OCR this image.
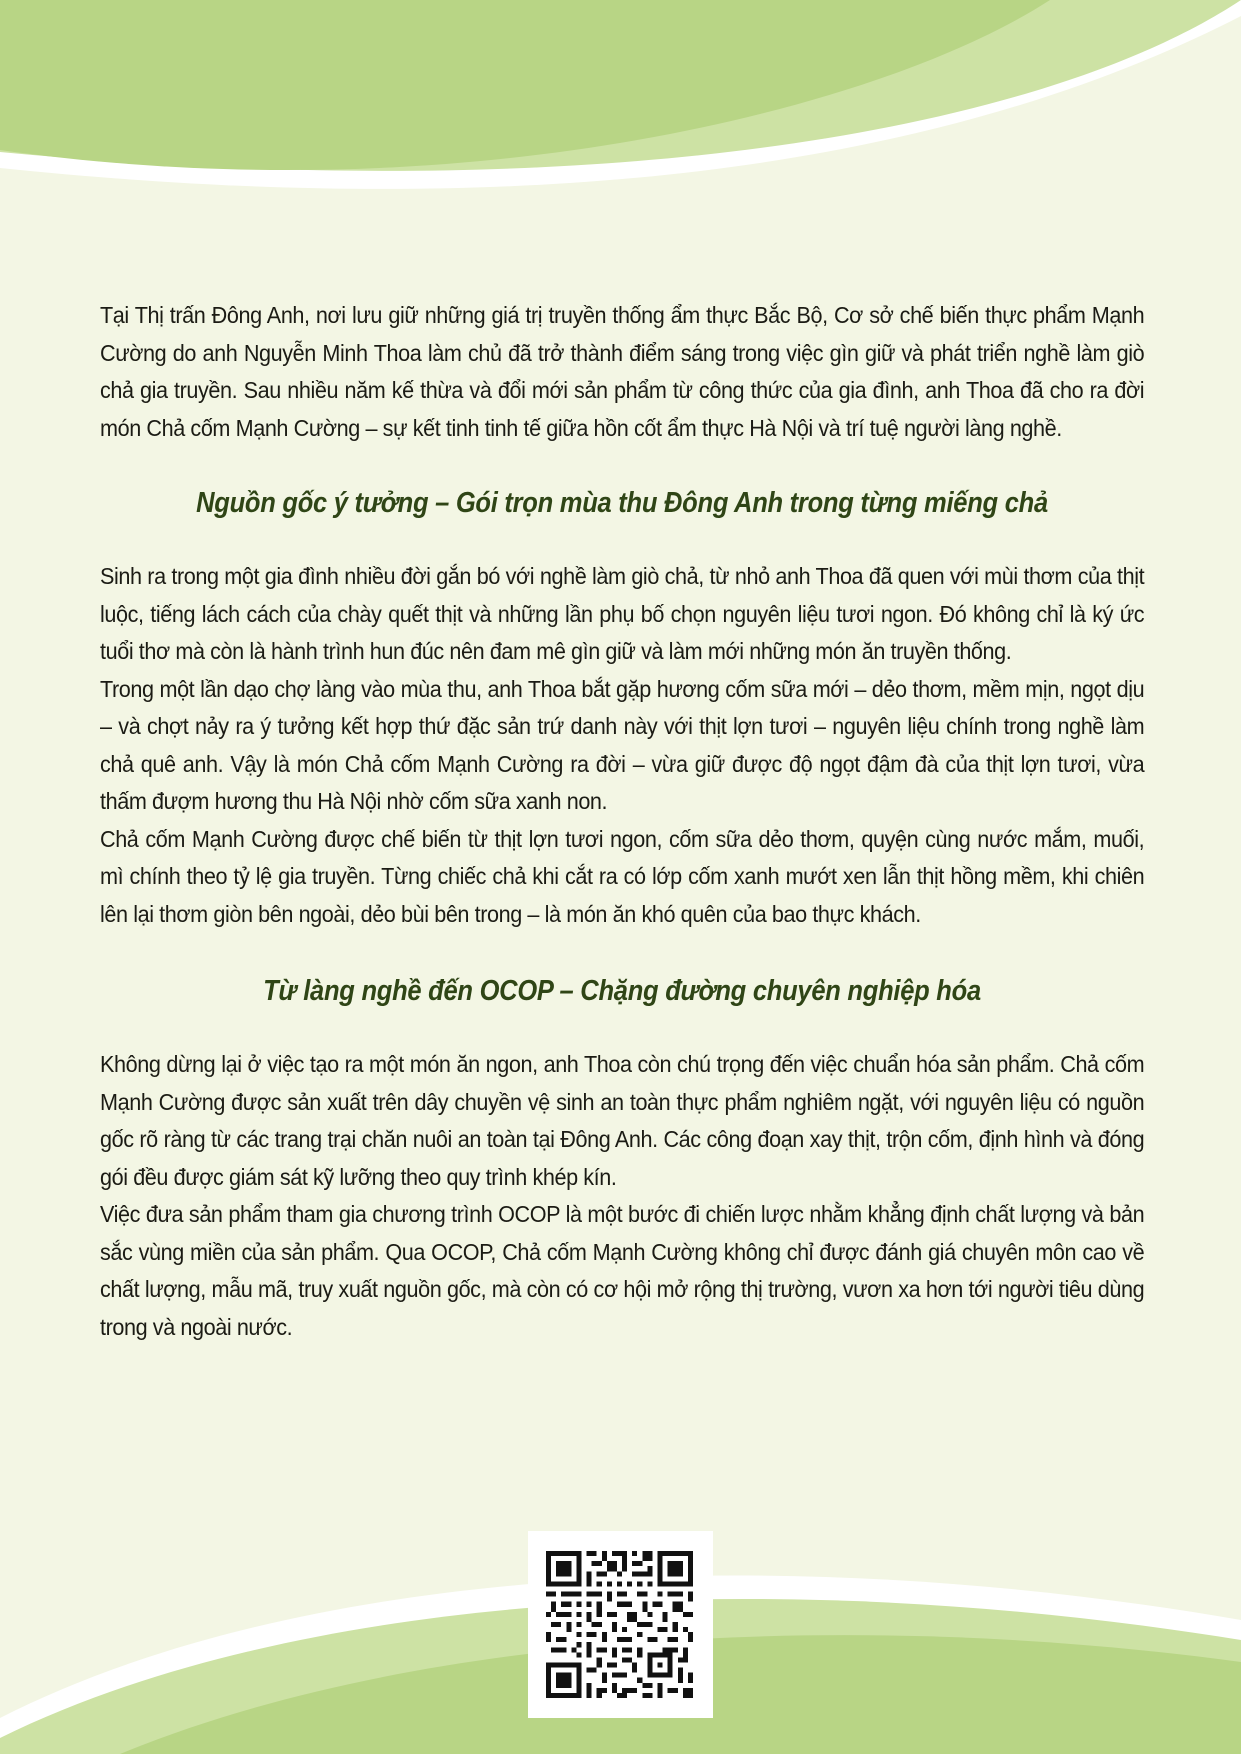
Tại Thị trấn Đông Anh, nơi lưu giữ những giá trị truyền thống ẩm thực Bắc Bộ, Cơ sở chế biến thực phẩm Mạnh Cường do anh Nguyễn Minh Thoa làm chủ đã trở thành điểm sáng trong việc gìn giữ và phát triển nghề làm giò chả gia truyền. Sau nhiều năm kế thừa và đổi mới sản phẩm từ công thức của gia đình, anh Thoa đã cho ra đời món Chả cốm Mạnh Cường – sự kết tinh tinh tế giữa hồn cốt ẩm thực Hà Nội và trí tuệ người làng nghề.

Nguồn gốc ý tưởng – Gói trọn mùa thu Đông Anh trong từng miếng chả

Sinh ra trong một gia đình nhiều đời gắn bó với nghề làm giò chả, từ nhỏ anh Thoa đã quen với mùi thơm của thịt luộc, tiếng lách cách của chày quết thịt và những lần phụ bố chọn nguyên liệu tươi ngon. Đó không chỉ là ký ức tuổi thơ mà còn là hành trình hun đúc nên đam mê gìn giữ và làm mới những món ăn truyền thống.

Trong một lần dạo chợ làng vào mùa thu, anh Thoa bắt gặp hương cốm sữa mới – dẻo thơm, mềm mịn, ngọt dịu – và chợt nảy ra ý tưởng kết hợp thứ đặc sản trứ danh này với thịt lợn tươi – nguyên liệu chính trong nghề làm chả quê anh. Vậy là món Chả cốm Mạnh Cường ra đời – vừa giữ được độ ngọt đậm đà của thịt lợn tươi, vừa thấm đượm hương thu Hà Nội nhờ cốm sữa xanh non.

Chả cốm Mạnh Cường được chế biến từ thịt lợn tươi ngon, cốm sữa dẻo thơm, quyện cùng nước mắm, muối, mì chính theo tỷ lệ gia truyền. Từng chiếc chả khi cắt ra có lớp cốm xanh mướt xen lẫn thịt hồng mềm, khi chiên lên lại thơm giòn bên ngoài, dẻo bùi bên trong – là món ăn khó quên của bao thực khách.

Từ làng nghề đến OCOP – Chặng đường chuyên nghiệp hóa

Không dừng lại ở việc tạo ra một món ăn ngon, anh Thoa còn chú trọng đến việc chuẩn hóa sản phẩm. Chả cốm Mạnh Cường được sản xuất trên dây chuyền vệ sinh an toàn thực phẩm nghiêm ngặt, với nguyên liệu có nguồn gốc rõ ràng từ các trang trại chăn nuôi an toàn tại Đông Anh. Các công đoạn xay thịt, trộn cốm, định hình và đóng gói đều được giám sát kỹ lưỡng theo quy trình khép kín.

Việc đưa sản phẩm tham gia chương trình OCOP là một bước đi chiến lược nhằm khẳng định chất lượng và bản sắc vùng miền của sản phẩm. Qua OCOP, Chả cốm Mạnh Cường không chỉ được đánh giá chuyên môn cao về chất lượng, mẫu mã, truy xuất nguồn gốc, mà còn có cơ hội mở rộng thị trường, vươn xa hơn tới người tiêu dùng trong và ngoài nước.
